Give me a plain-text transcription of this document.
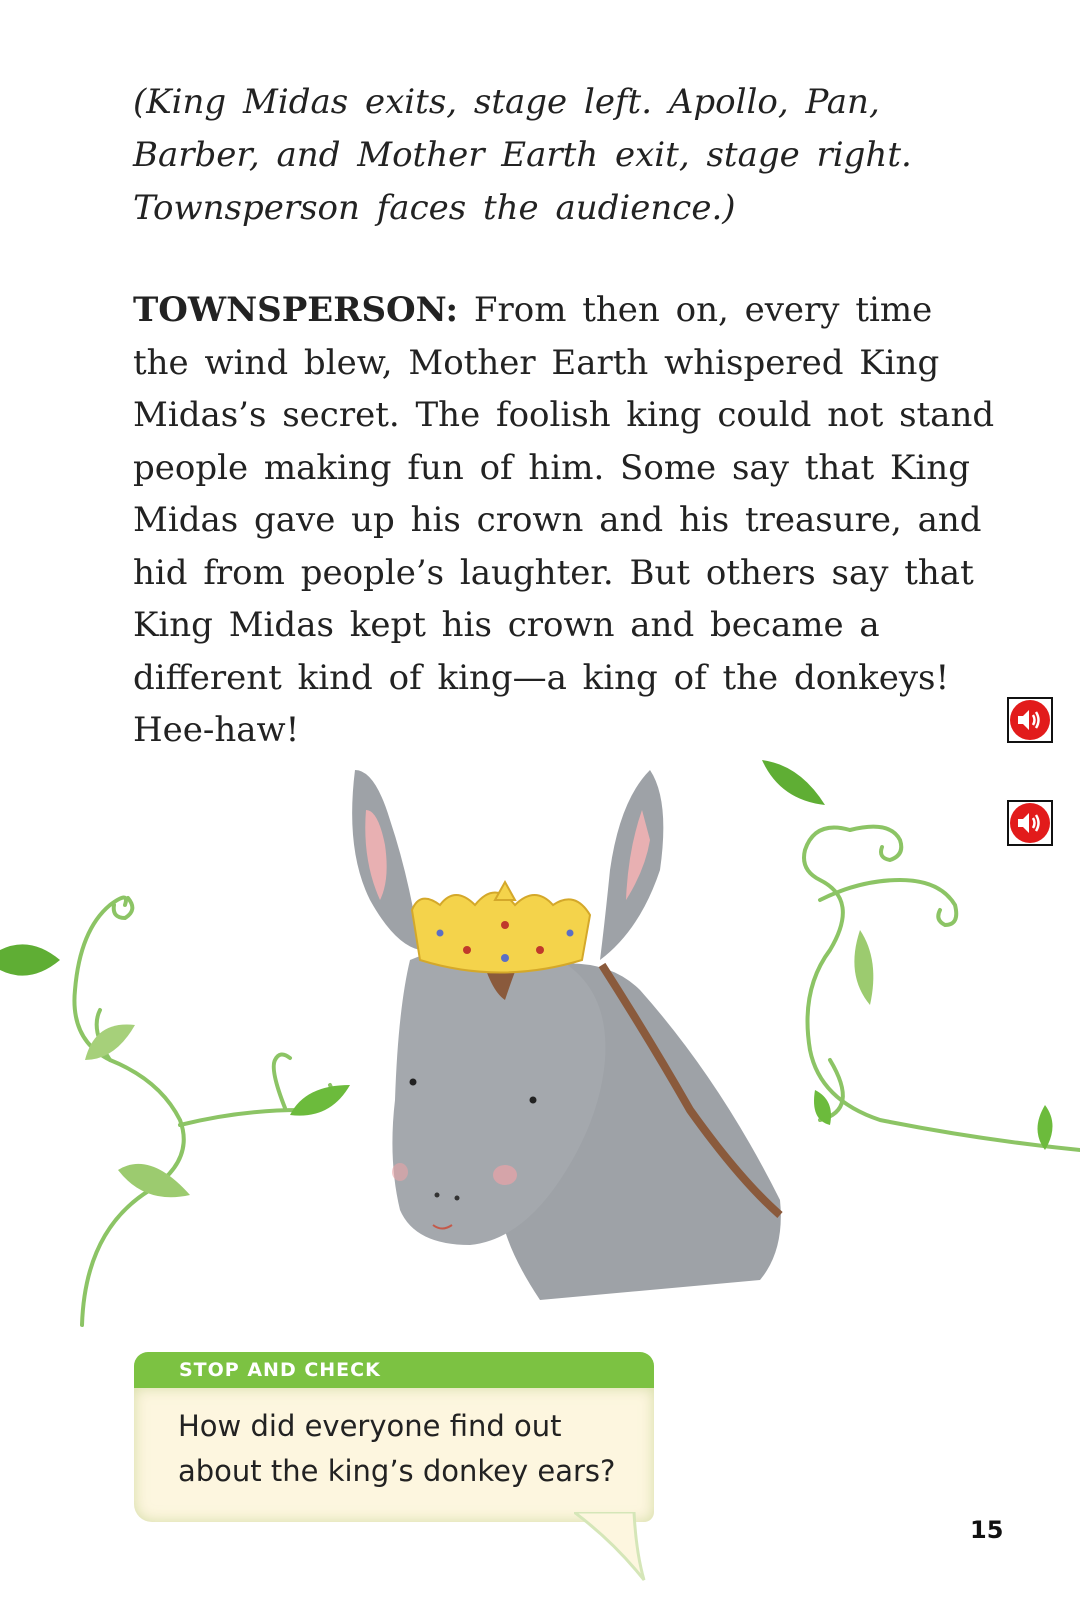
(King Midas exits, stage left. Apollo, Pan, Barber, and Mother Earth exit, stage right. Townsperson faces the audience.)

TOWNSPERSON: From then on, every time the wind blew, Mother Earth whispered King Midas’s secret. The foolish king could not stand people making fun of him. Some say that King Midas gave up his crown and his treasure, and hid from people’s laughter. But others say that King Midas kept his crown and became a different kind of king—a king of the donkeys! Hee-haw!

STOP AND CHECK
How did everyone find out about the king’s donkey ears?
15
